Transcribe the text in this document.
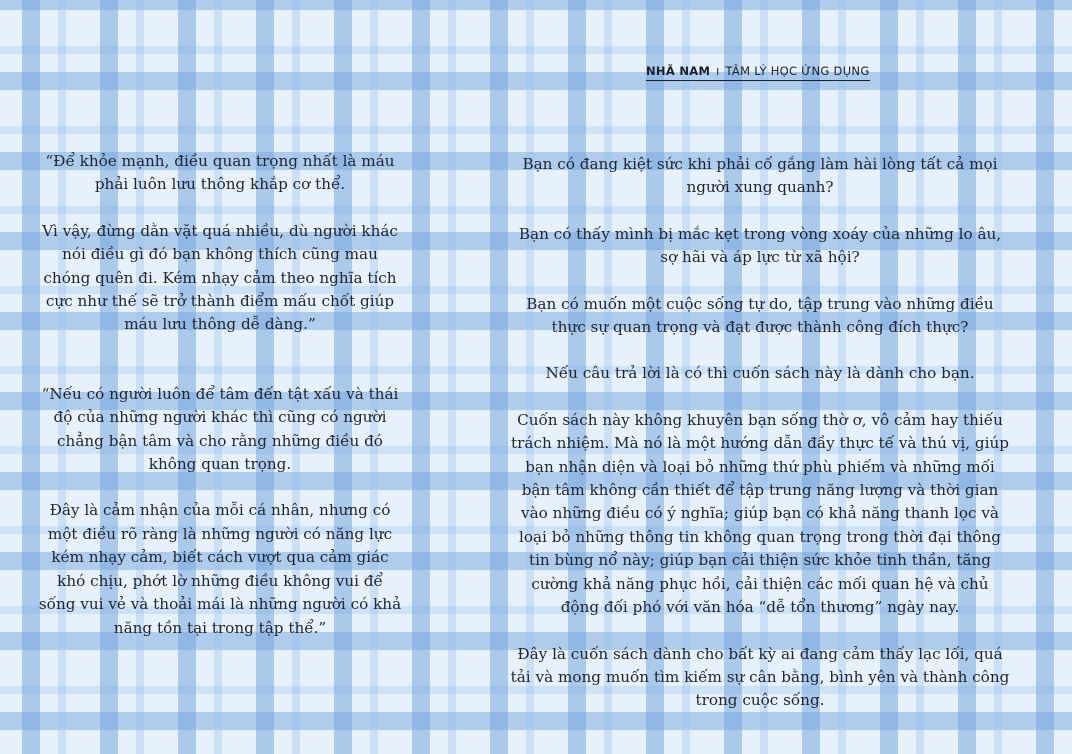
“Để khỏe mạnh, điều quan trọng nhất là máu phải luôn lưu thông khắp cơ thể.

Vì vậy, đừng dằn vặt quá nhiều, dù người khác nói điều gì đó bạn không thích cũng mau chóng quên đi. Kém nhạy cảm theo nghĩa tích cực như thế sẽ trở thành điểm mấu chốt giúp máu lưu thông dễ dàng.”

“Nếu có người luôn để tâm đến tật xấu và thái độ của những người khác thì cũng có người chẳng bận tâm và cho rằng những điều đó không quan trọng.

Đây là cảm nhận của mỗi cá nhân, nhưng có một điều rõ ràng là những người có năng lực kém nhạy cảm, biết cách vượt qua cảm giác khó chịu, phớt lờ những điều không vui để sống vui vẻ và thoải mái là những người có khả năng tồn tại trong tập thể.”

NHÃ NAM I TÂM LÝ HỌC ỨNG DỤNG

Bạn có đang kiệt sức khi phải cố gắng làm hài lòng tất cả mọi người xung quanh?

Bạn có thấy mình bị mắc kẹt trong vòng xoáy của những lo âu, sợ hãi và áp lực từ xã hội?

Bạn có muốn một cuộc sống tự do, tập trung vào những điều thực sự quan trọng và đạt được thành công đích thực?

Nếu câu trả lời là có thì cuốn sách này là dành cho bạn.

Cuốn sách này không khuyên bạn sống thờ ơ, vô cảm hay thiếu trách nhiệm. Mà nó là một hướng dẫn đầy thực tế và thú vị, giúp bạn nhận diện và loại bỏ những thứ phù phiếm và những mối bận tâm không cần thiết để tập trung năng lượng và thời gian vào những điều có ý nghĩa; giúp bạn có khả năng thanh lọc và loại bỏ những thông tin không quan trọng trong thời đại thông tin bùng nổ này; giúp bạn cải thiện sức khỏe tinh thần, tăng cường khả năng phục hồi, cải thiện các mối quan hệ và chủ động đối phó với văn hóa “dễ tổn thương” ngày nay.

Đây là cuốn sách dành cho bất kỳ ai đang cảm thấy lạc lối, quá tải và mong muốn tìm kiếm sự cân bằng, bình yên và thành công trong cuộc sống.
